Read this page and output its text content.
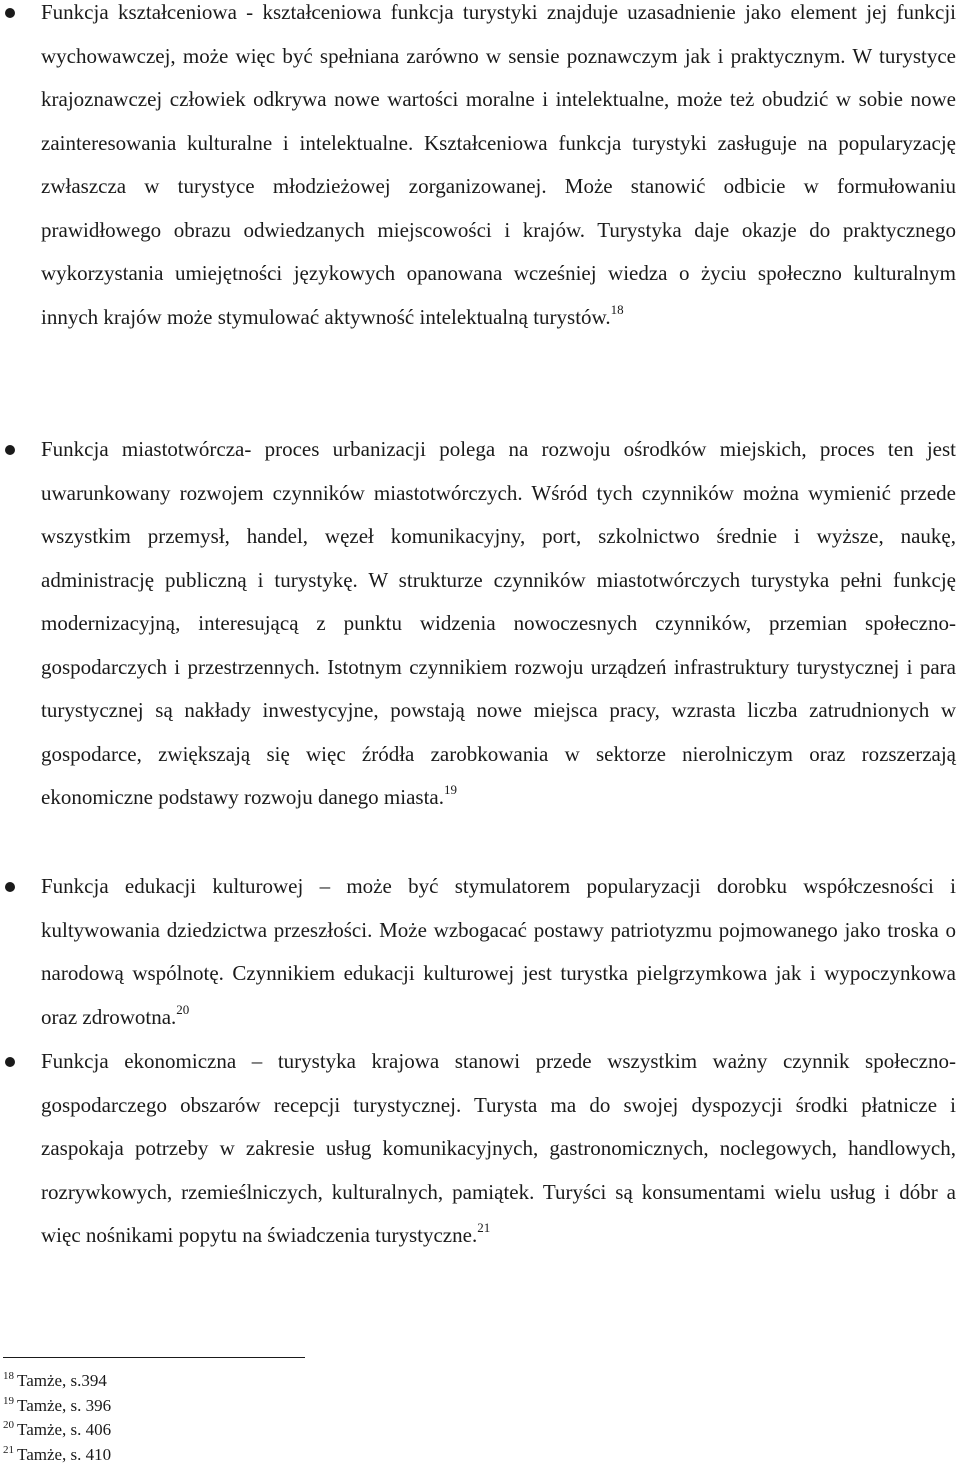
Funkcja kształceniowa - kształceniowa funkcja turystyki znajduje uzasadnienie jako element jej funkcji wychowawczej, może więc być spełniana zarówno w sensie poznawczym jak i praktycznym. W turystyce krajoznawczej człowiek odkrywa nowe wartości moralne i intelektualne, może też obudzić w sobie nowe zainteresowania kulturalne i intelektualne. Kształceniowa funkcja turystyki zasługuje na popularyzację zwłaszcza w turystyce młodzieżowej zorganizowanej. Może stanowić odbicie w formułowaniu prawidłowego obrazu odwiedzanych miejscowości i krajów. Turystyka daje okazje do praktycznego wykorzystania umiejętności językowych opanowana wcześniej wiedza o życiu społeczno kulturalnym innych krajów może stymulować aktywność intelektualną turystów.$^{18}$
Funkcja miastotwórcza- proces urbanizacji polega na rozwoju ośrodków miejskich, proces ten jest uwarunkowany rozwojem czynników miastotwórczych. Wśród tych czynników można wymienić przede wszystkim przemysł, handel, węzeł komunikacyjny, port, szkolnictwo średnie i wyższe, naukę, administrację publiczną i turystykę. W strukturze czynników miastotwórczych turystyka pełni funkcję modernizacyjną, interesującą z punktu widzenia nowoczesnych czynników, przemian społeczno-gospodarczych i przestrzennych. Istotnym czynnikiem rozwoju urządzeń infrastruktury turystycznej i para turystycznej są nakłady inwestycyjne, powstają nowe miejsca pracy, wzrasta liczba zatrudnionych w gospodarce, zwiększają się więc źródła zarobkowania w sektorze nierolniczym oraz rozszerzają ekonomiczne podstawy rozwoju danego miasta.$^{19}$
Funkcja edukacji kulturowej – może być stymulatorem popularyzacji dorobku współczesności i kultywowania dziedzictwa przeszłości. Może wzbogacać postawy patriotyzmu pojmowanego jako troska o narodową wspólnotę. Czynnikiem edukacji kulturowej jest turystka pielgrzymkowa jak i wypoczynkowa oraz zdrowotna.$^{20}$
Funkcja ekonomiczna – turystyka krajowa stanowi przede wszystkim ważny czynnik społeczno-gospodarczego obszarów recepcji turystycznej. Turysta ma do swojej dyspozycji środki płatnicze i zaspokaja potrzeby w zakresie usług komunikacyjnych, gastronomicznych, noclegowych, handlowych, rozrywkowych, rzemieślniczych, kulturalnych, pamiątek. Turyści są konsumentami wielu usług i dóbr a więc nośnikami popytu na świadczenia turystyczne.$^{21}$
$^{18}$ Tamże, s.394
$^{19}$ Tamże, s. 396
$^{20}$ Tamże, s. 406
$^{21}$ Tamże, s. 410
